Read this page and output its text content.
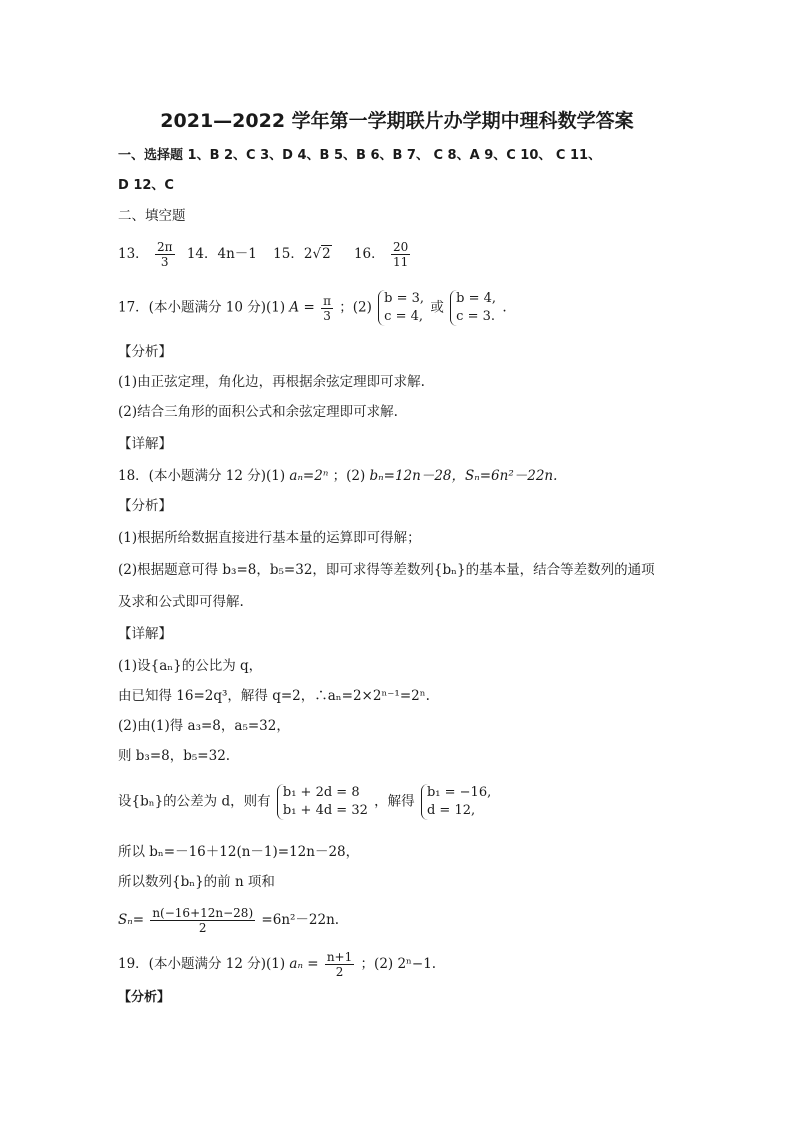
2021—2022 学年第一学期联片办学期中理科数学答案
一、选择题 1、B 2、C 3、D 4、B 5、B 6、B 7、 C 8、A 9、C 10、 C 11、
D 12、C
二、填空题
13． $\frac{2\pi}{3} 14$．4n－1 15．2√2 16． $\frac{20}{11}$
17．(本小题满分 10 分)(1) $A = \frac{\pi}{3}$ ；(2)
b = 3,
c = 4,
或
b = 4,
c = 3.
.
【分析】
(1)由正弦定理，角化边，再根据余弦定理即可求解.
(2)结合三角形的面积公式和余弦定理即可求解.
【详解】
18．(本小题满分 12 分)(1) aₙ=2ⁿ ；(2) bₙ=12n－28，Sₙ=6n²－22n.
【分析】
(1)根据所给数据直接进行基本量的运算即可得解；
(2)根据题意可得 b₃=8，b₅=32，即可求得等差数列{bₙ}的基本量，结合等差数列的通项
及求和公式即可得解.
【详解】
(1)设{aₙ}的公比为 q，
由已知得 16=2q³，解得 q=2，∴aₙ=2×2ⁿ⁻¹=2ⁿ.
(2)由(1)得 a₃=8，a₅=32，
则 b₃=8，b₅=32.
设{bₙ}的公差为 d，则有
b₁ + 2d = 8
b₁ + 4d = 32
，解得
b₁ = −16,
d = 12,
所以 bₙ=－16＋12(n－1)=12n－28，
所以数列{bₙ}的前 n 项和
$S_n= \frac{n(-16+12n-28)}{2} =6n^2-22n$.
19．(本小题满分 12 分)(1) $a_n = \frac{n+1}{2}$ ；(2) 2ⁿ−1.
【分析】
